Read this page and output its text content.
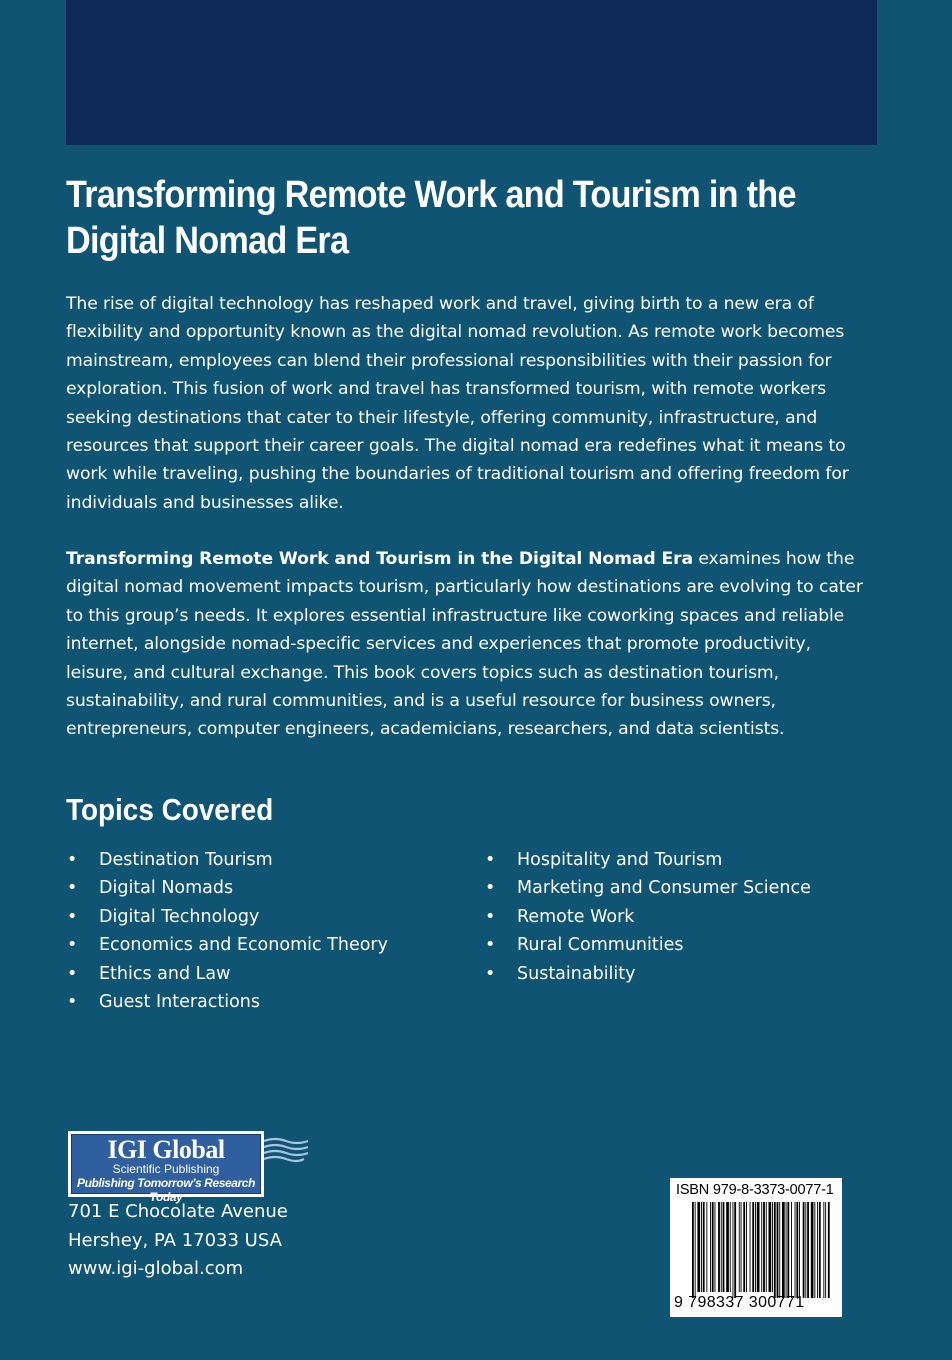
Transforming Remote Work and Tourism in the
Digital Nomad Era

The rise of digital technology has reshaped work and travel, giving birth to a new era of flexibility and opportunity known as the digital nomad revolution. As remote work becomes mainstream, employees can blend their professional responsibilities with their passion for exploration. This fusion of work and travel has transformed tourism, with remote workers seeking destinations that cater to their lifestyle, offering community, infrastructure, and resources that support their career goals. The digital nomad era redefines what it means to work while traveling, pushing the boundaries of traditional tourism and offering freedom for individuals and businesses alike.

Transforming Remote Work and Tourism in the Digital Nomad Era examines how the digital nomad movement impacts tourism, particularly how destinations are evolving to cater to this group’s needs. It explores essential infrastructure like coworking spaces and reliable internet, alongside nomad-specific services and experiences that promote productivity, leisure, and cultural exchange. This book covers topics such as destination tourism, sustainability, and rural communities, and is a useful resource for business owners, entrepreneurs, computer engineers, academicians, researchers, and data scientists.

Topics Covered
• Destination Tourism
• Digital Nomads
• Digital Technology
• Economics and Economic Theory
• Ethics and Law
• Guest Interactions
• Hospitality and Tourism
• Marketing and Consumer Science
• Remote Work
• Rural Communities
• Sustainability
IGI Global
Scientific Publishing
Publishing Tomorrow’s Research Today

701 E Chocolate Avenue
Hershey, PA 17033 USA
www.igi-global.com

ISBN 979-8-3373-0077-1
9 798337 300771
